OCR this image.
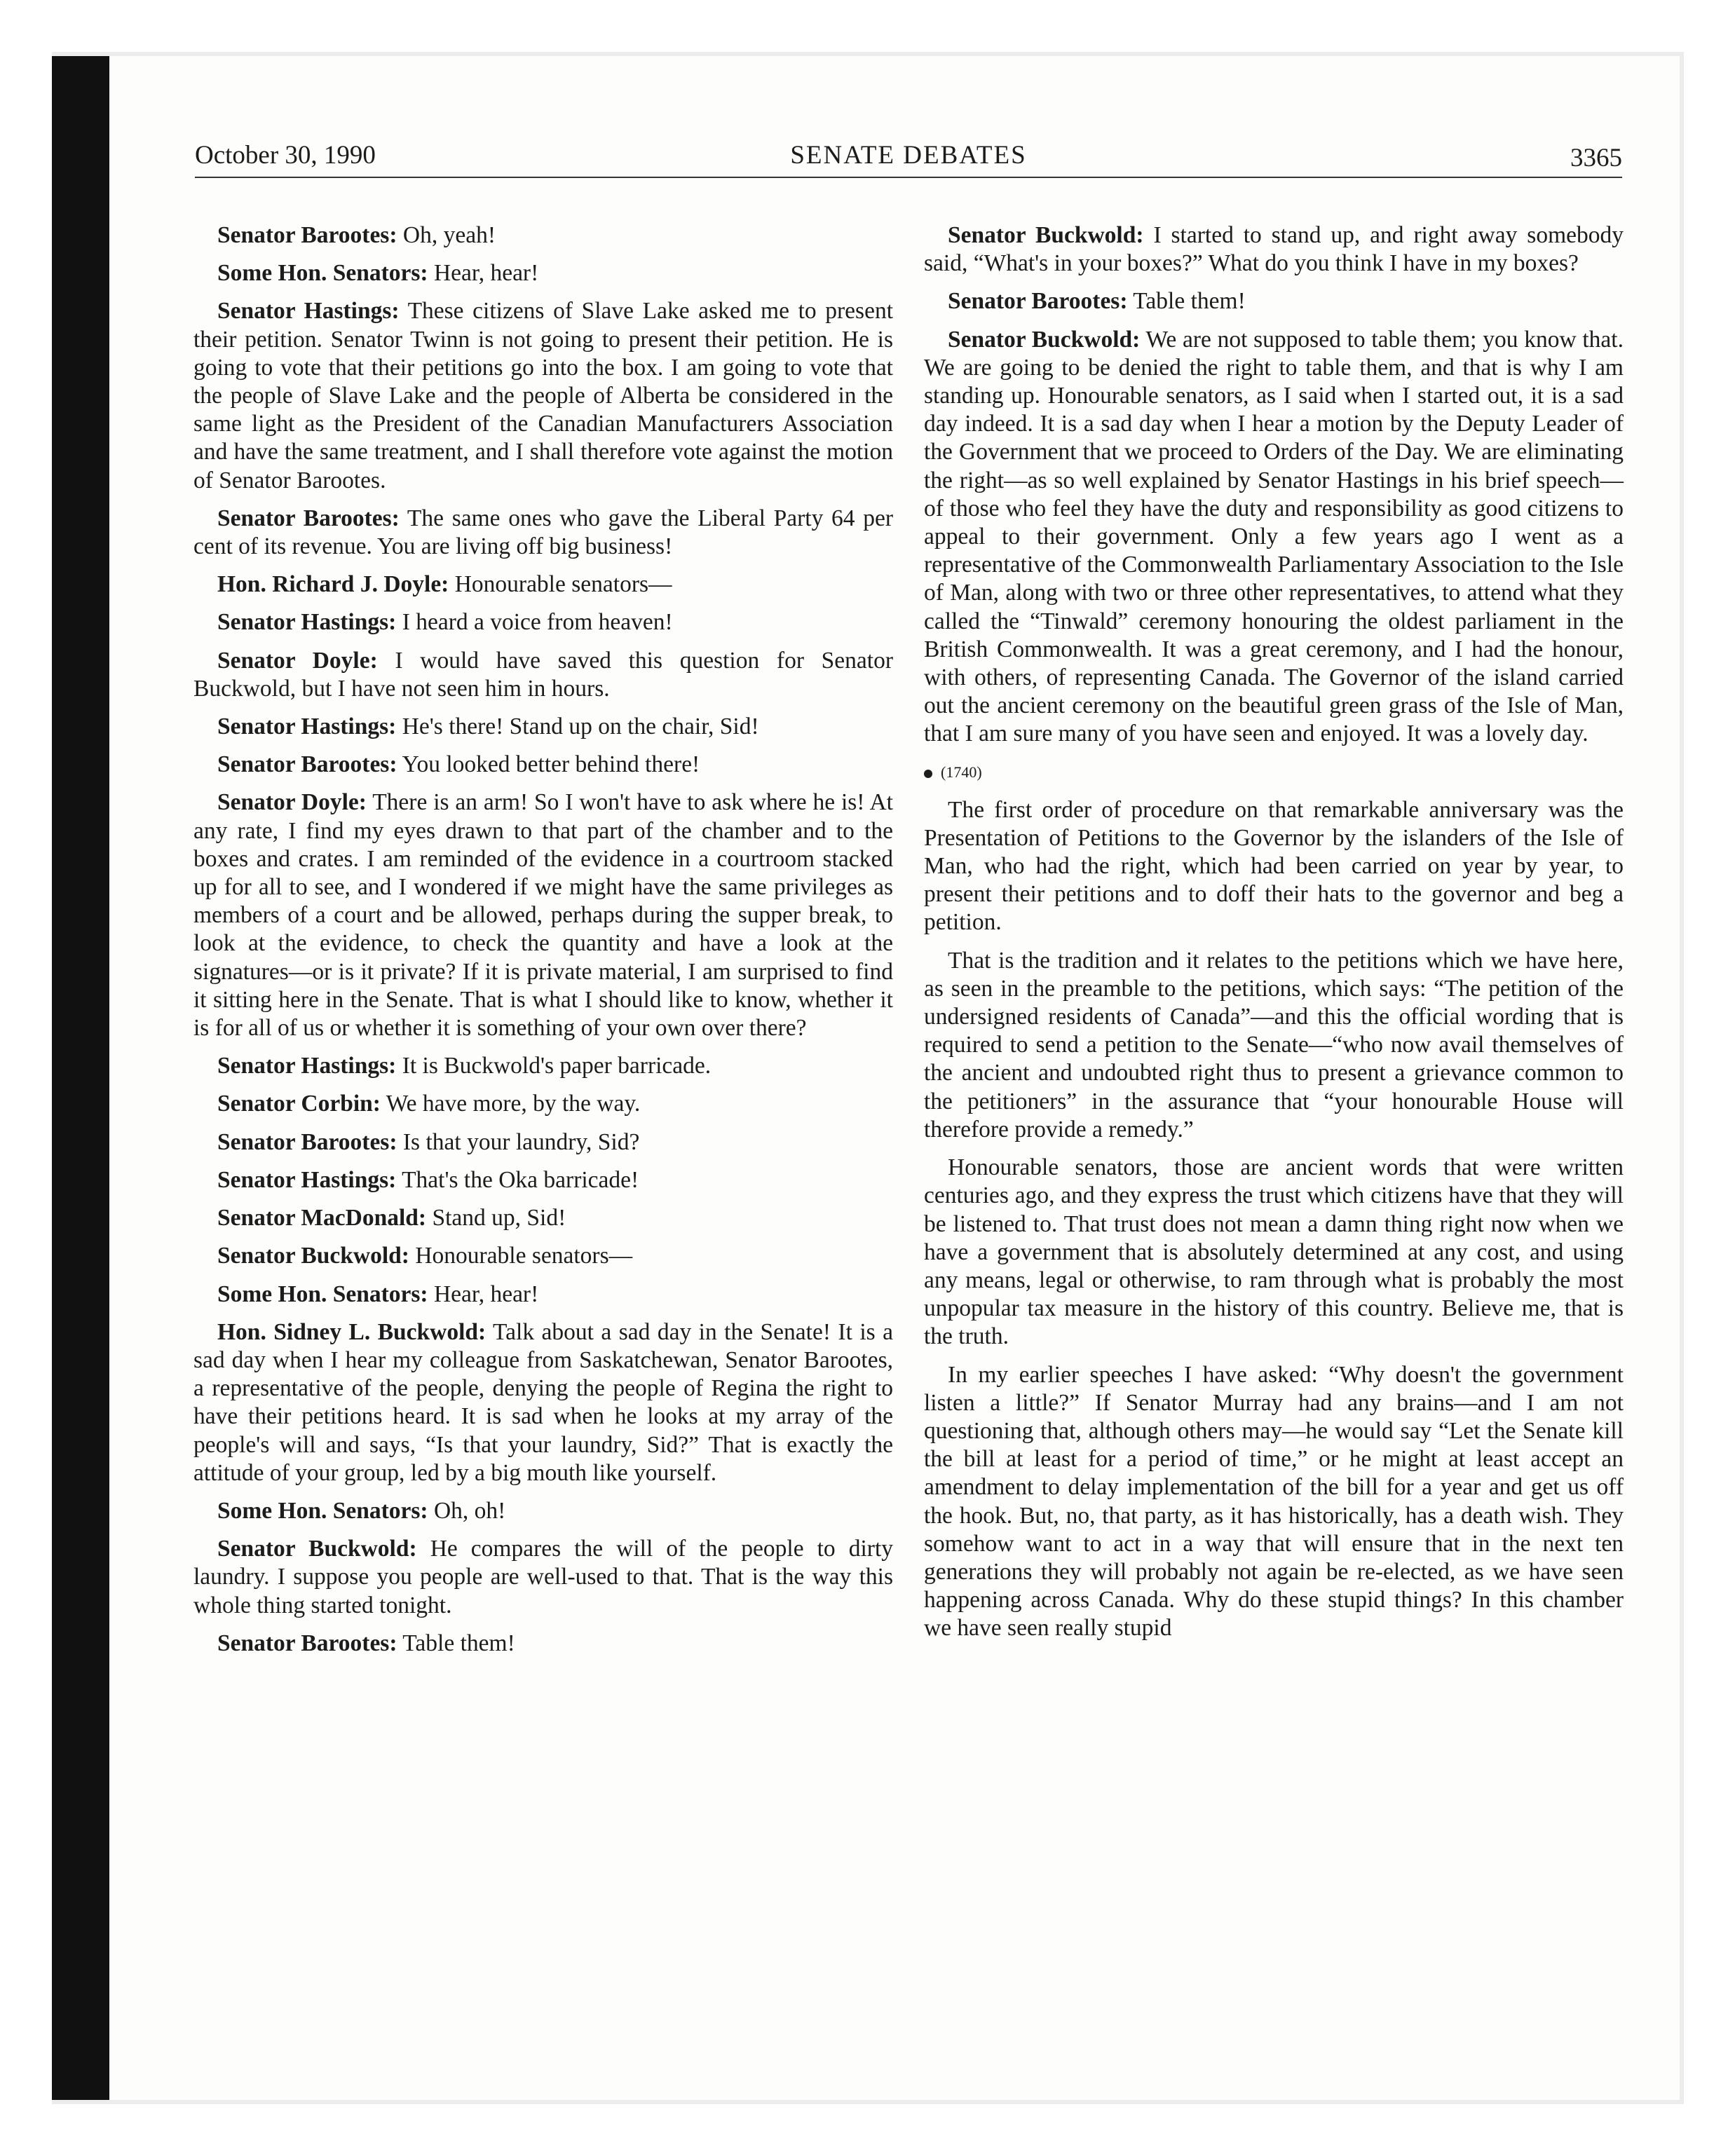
October 30, 1990	SENATE DEBATES	3365

Senator Barootes: Oh, yeah!

Some Hon. Senators: Hear, hear!

Senator Hastings: These citizens of Slave Lake asked me to present their petition. Senator Twinn is not going to present their petition. He is going to vote that their petitions go into the box. I am going to vote that the people of Slave Lake and the people of Alberta be considered in the same light as the President of the Canadian Manufacturers Association and have the same treatment, and I shall therefore vote against the motion of Senator Barootes.

Senator Barootes: The same ones who gave the Liberal Party 64 per cent of its revenue. You are living off big business!

Hon. Richard J. Doyle: Honourable senators—

Senator Hastings: I heard a voice from heaven!

Senator Doyle: I would have saved this question for Senator Buckwold, but I have not seen him in hours.

Senator Hastings: He's there! Stand up on the chair, Sid!

Senator Barootes: You looked better behind there!

Senator Doyle: There is an arm! So I won't have to ask where he is! At any rate, I find my eyes drawn to that part of the chamber and to the boxes and crates. I am reminded of the evidence in a courtroom stacked up for all to see, and I wondered if we might have the same privileges as members of a court and be allowed, perhaps during the supper break, to look at the evidence, to check the quantity and have a look at the signatures—or is it private? If it is private material, I am surprised to find it sitting here in the Senate. That is what I should like to know, whether it is for all of us or whether it is something of your own over there?

Senator Hastings: It is Buckwold's paper barricade.

Senator Corbin: We have more, by the way.

Senator Barootes: Is that your laundry, Sid?

Senator Hastings: That's the Oka barricade!

Senator MacDonald: Stand up, Sid!

Senator Buckwold: Honourable senators—

Some Hon. Senators: Hear, hear!

Hon. Sidney L. Buckwold: Talk about a sad day in the Senate! It is a sad day when I hear my colleague from Saskatchewan, Senator Barootes, a representative of the people, denying the people of Regina the right to have their petitions heard. It is sad when he looks at my array of the people's will and says, “Is that your laundry, Sid?” That is exactly the attitude of your group, led by a big mouth like yourself.

Some Hon. Senators: Oh, oh!

Senator Buckwold: He compares the will of the people to dirty laundry. I suppose you people are well-used to that. That is the way this whole thing started tonight.

Senator Barootes: Table them!

Senator Buckwold: I started to stand up, and right away somebody said, “What's in your boxes?” What do you think I have in my boxes?

Senator Barootes: Table them!

Senator Buckwold: We are not supposed to table them; you know that. We are going to be denied the right to table them, and that is why I am standing up. Honourable senators, as I said when I started out, it is a sad day indeed. It is a sad day when I hear a motion by the Deputy Leader of the Government that we proceed to Orders of the Day. We are eliminating the right—as so well explained by Senator Hastings in his brief speech—of those who feel they have the duty and responsibility as good citizens to appeal to their government. Only a few years ago I went as a representative of the Commonwealth Parliamentary Association to the Isle of Man, along with two or three other representatives, to attend what they called the “Tinwald” ceremony honouring the oldest parliament in the British Commonwealth. It was a great ceremony, and I had the honour, with others, of representing Canada. The Governor of the island carried out the ancient ceremony on the beautiful green grass of the Isle of Man, that I am sure many of you have seen and enjoyed. It was a lovely day.

(1740)

The first order of procedure on that remarkable anniversary was the Presentation of Petitions to the Governor by the islanders of the Isle of Man, who had the right, which had been carried on year by year, to present their petitions and to doff their hats to the governor and beg a petition.

That is the tradition and it relates to the petitions which we have here, as seen in the preamble to the petitions, which says: “The petition of the undersigned residents of Canada”—and this the official wording that is required to send a petition to the Senate—“who now avail themselves of the ancient and undoubted right thus to present a grievance common to the petitioners” in the assurance that “your honourable House will therefore provide a remedy.”

Honourable senators, those are ancient words that were written centuries ago, and they express the trust which citizens have that they will be listened to. That trust does not mean a damn thing right now when we have a government that is absolutely determined at any cost, and using any means, legal or otherwise, to ram through what is probably the most unpopular tax measure in the history of this country. Believe me, that is the truth.

In my earlier speeches I have asked: “Why doesn't the government listen a little?” If Senator Murray had any brains—and I am not questioning that, although others may—he would say “Let the Senate kill the bill at least for a period of time,” or he might at least accept an amendment to delay implementation of the bill for a year and get us off the hook. But, no, that party, as it has historically, has a death wish. They somehow want to act in a way that will ensure that in the next ten generations they will probably not again be re-elected, as we have seen happening across Canada. Why do these stupid things? In this chamber we have seen really stupid
